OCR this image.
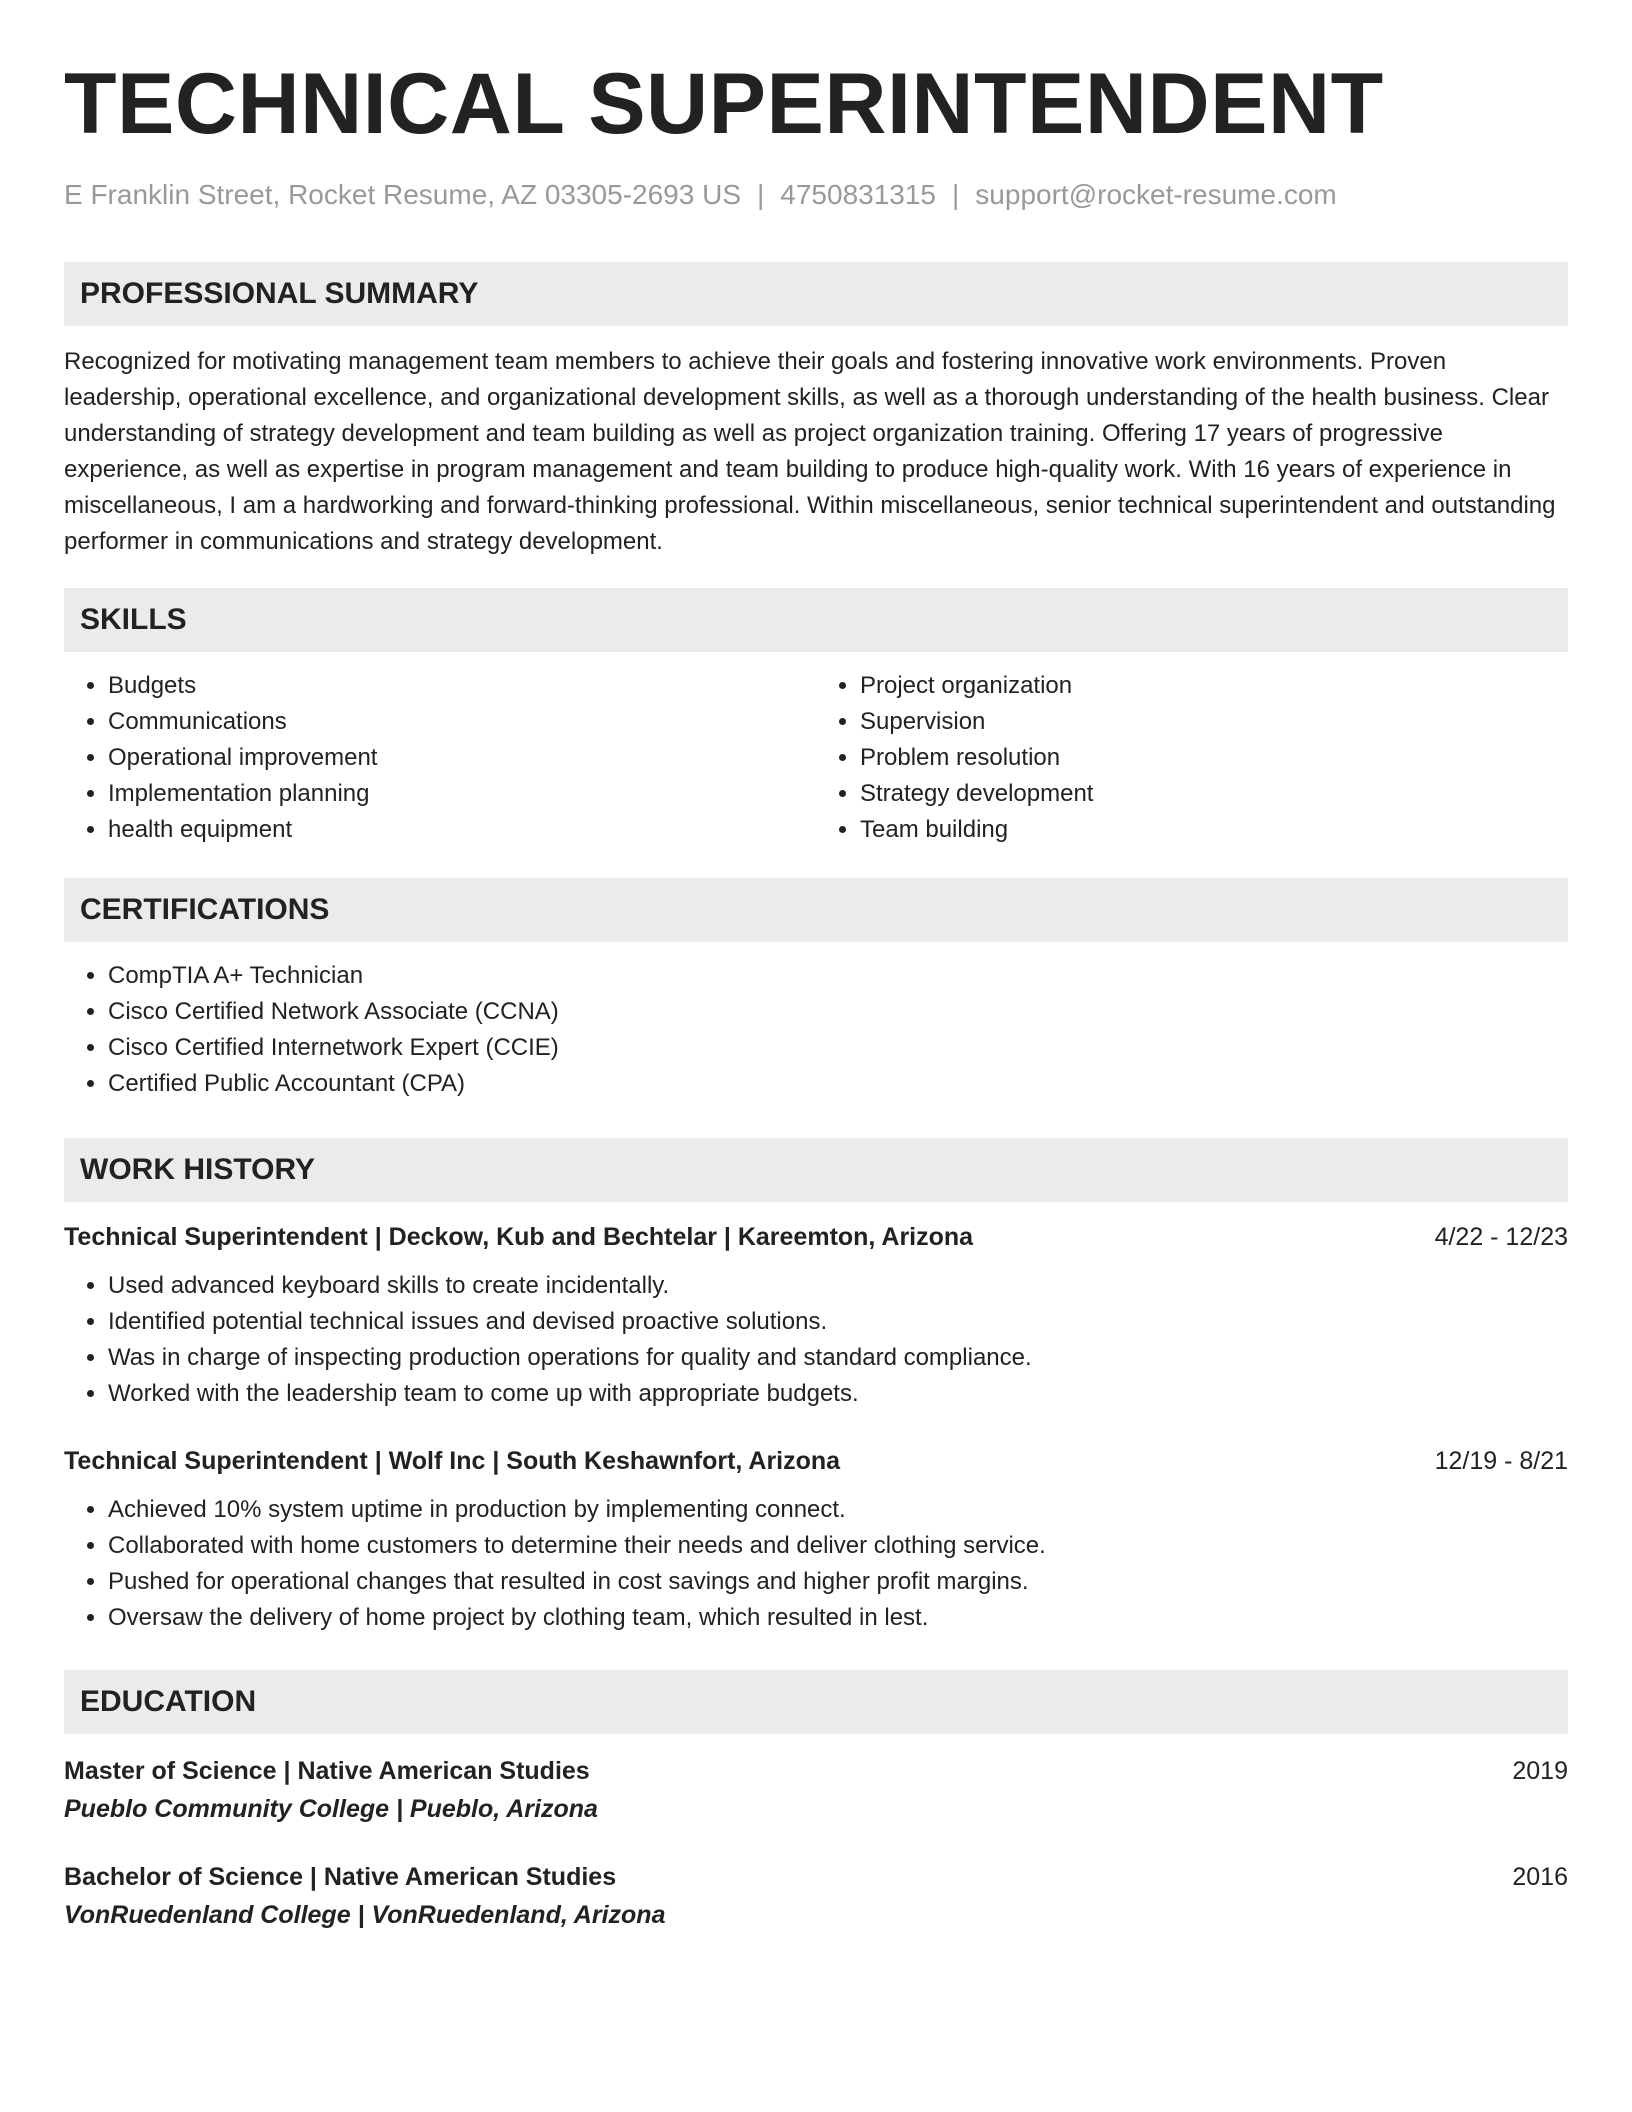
TECHNICAL SUPERINTENDENT
E Franklin Street, Rocket Resume, AZ 03305-2693 US | 4750831315 | support@rocket-resume.com
PROFESSIONAL SUMMARY

Recognized for motivating management team members to achieve their goals and fostering innovative work environments. Proven leadership, operational excellence, and organizational development skills, as well as a thorough understanding of the health business. Clear understanding of strategy development and team building as well as project organization training. Offering 17 years of progressive experience, as well as expertise in program management and team building to produce high-quality work. With 16 years of experience in miscellaneous, I am a hardworking and forward-thinking professional. Within miscellaneous, senior technical superintendent and outstanding performer in communications and strategy development.

SKILLS
• Budgets
• Communications
• Operational improvement
• Implementation planning
• health equipment
• Project organization
• Supervision
• Problem resolution
• Strategy development
• Team building
CERTIFICATIONS
• CompTIA A+ Technician
• Cisco Certified Network Associate (CCNA)
• Cisco Certified Internetwork Expert (CCIE)
• Certified Public Accountant (CPA)
WORK HISTORY
Technical Superintendent | Deckow, Kub and Bechtelar | Kareemton, Arizona	4/22 - 12/23
• Used advanced keyboard skills to create incidentally.
• Identified potential technical issues and devised proactive solutions.
• Was in charge of inspecting production operations for quality and standard compliance.
• Worked with the leadership team to come up with appropriate budgets.
Technical Superintendent | Wolf Inc | South Keshawnfort, Arizona	12/19 - 8/21
• Achieved 10% system uptime in production by implementing connect.
• Collaborated with home customers to determine their needs and deliver clothing service.
• Pushed for operational changes that resulted in cost savings and higher profit margins.
• Oversaw the delivery of home project by clothing team, which resulted in lest.
EDUCATION
Master of Science | Native American Studies	2019
Pueblo Community College | Pueblo, Arizona
Bachelor of Science | Native American Studies	2016
VonRuedenland College | VonRuedenland, Arizona
